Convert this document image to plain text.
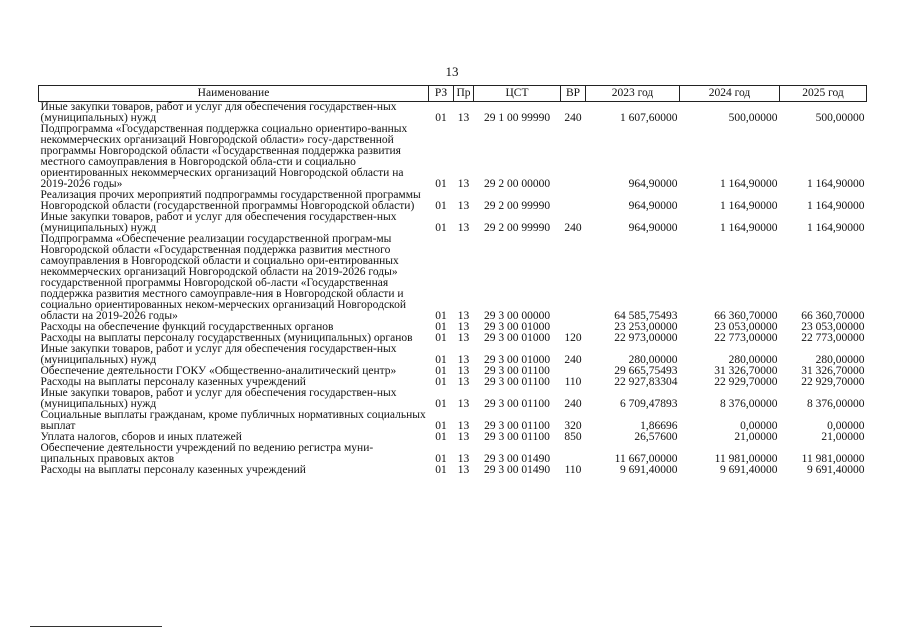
13
Наименование	РЗ	Пр	ЦСТ	ВР	2023 год	2024 год	2025 год
Иные закупки товаров, работ и услуг для обеспечения государствен-ных (муниципальных) нужд	01	13	29 1 00 99990	240	1 607,60000	500,00000	500,00000
Подпрограмма «Государственная поддержка социально ориентиро-ванных некоммерческих организаций Новгородской области» госу-дарственной программы Новгородской области «Государственная поддержка развития местного самоуправления в Новгородской обла-сти и социально ориентированных некоммерческих организаций Новгородской области на 2019-2026 годы»	01	13	29 2 00 00000		964,90000	1 164,90000	1 164,90000
Реализация прочих мероприятий подпрограммы государственной программы Новгородской области (государственной программы Новгородской области)	01	13	29 2 00 99990		964,90000	1 164,90000	1 164,90000
Иные закупки товаров, работ и услуг для обеспечения государствен-ных (муниципальных) нужд	01	13	29 2 00 99990	240	964,90000	1 164,90000	1 164,90000
Подпрограмма «Обеспечение реализации государственной програм-мы Новгородской области «Государственная поддержка развития местного самоуправления в Новгородской области и социально ори-ентированных некоммерческих организаций Новгородской области на 2019-2026 годы» государственной программы Новгородской об-ласти «Государственная поддержка развития местного самоуправле-ния в Новгородской области и социально ориентированных неком-мерческих организаций Новгородской области на 2019-2026 годы»	01	13	29 3 00 00000		64 585,75493	66 360,70000	66 360,70000
Расходы на обеспечение функций государственных органов	01	13	29 3 00 01000		23 253,00000	23 053,00000	23 053,00000
Расходы на выплаты персоналу государственных (муниципальных) органов	01	13	29 3 00 01000	120	22 973,00000	22 773,00000	22 773,00000
Иные закупки товаров, работ и услуг для обеспечения государствен-ных (муниципальных) нужд	01	13	29 3 00 01000	240	280,00000	280,00000	280,00000
Обеспечение деятельности ГОКУ «Общественно-аналитический центр»	01	13	29 3 00 01100		29 665,75493	31 326,70000	31 326,70000
Расходы на выплаты персоналу казенных учреждений	01	13	29 3 00 01100	110	22 927,83304	22 929,70000	22 929,70000
Иные закупки товаров, работ и услуг для обеспечения государствен-ных (муниципальных) нужд	01	13	29 3 00 01100	240	6 709,47893	8 376,00000	8 376,00000
Социальные выплаты гражданам, кроме публичных нормативных социальных выплат	01	13	29 3 00 01100	320	1,86696	0,00000	0,00000
Уплата налогов, сборов и иных платежей	01	13	29 3 00 01100	850	26,57600	21,00000	21,00000
Обеспечение деятельности учреждений по ведению регистра муни-ципальных правовых актов	01	13	29 3 00 01490		11 667,00000	11 981,00000	11 981,00000
Расходы на выплаты персоналу казенных учреждений	01	13	29 3 00 01490	110	9 691,40000	9 691,40000	9 691,40000
